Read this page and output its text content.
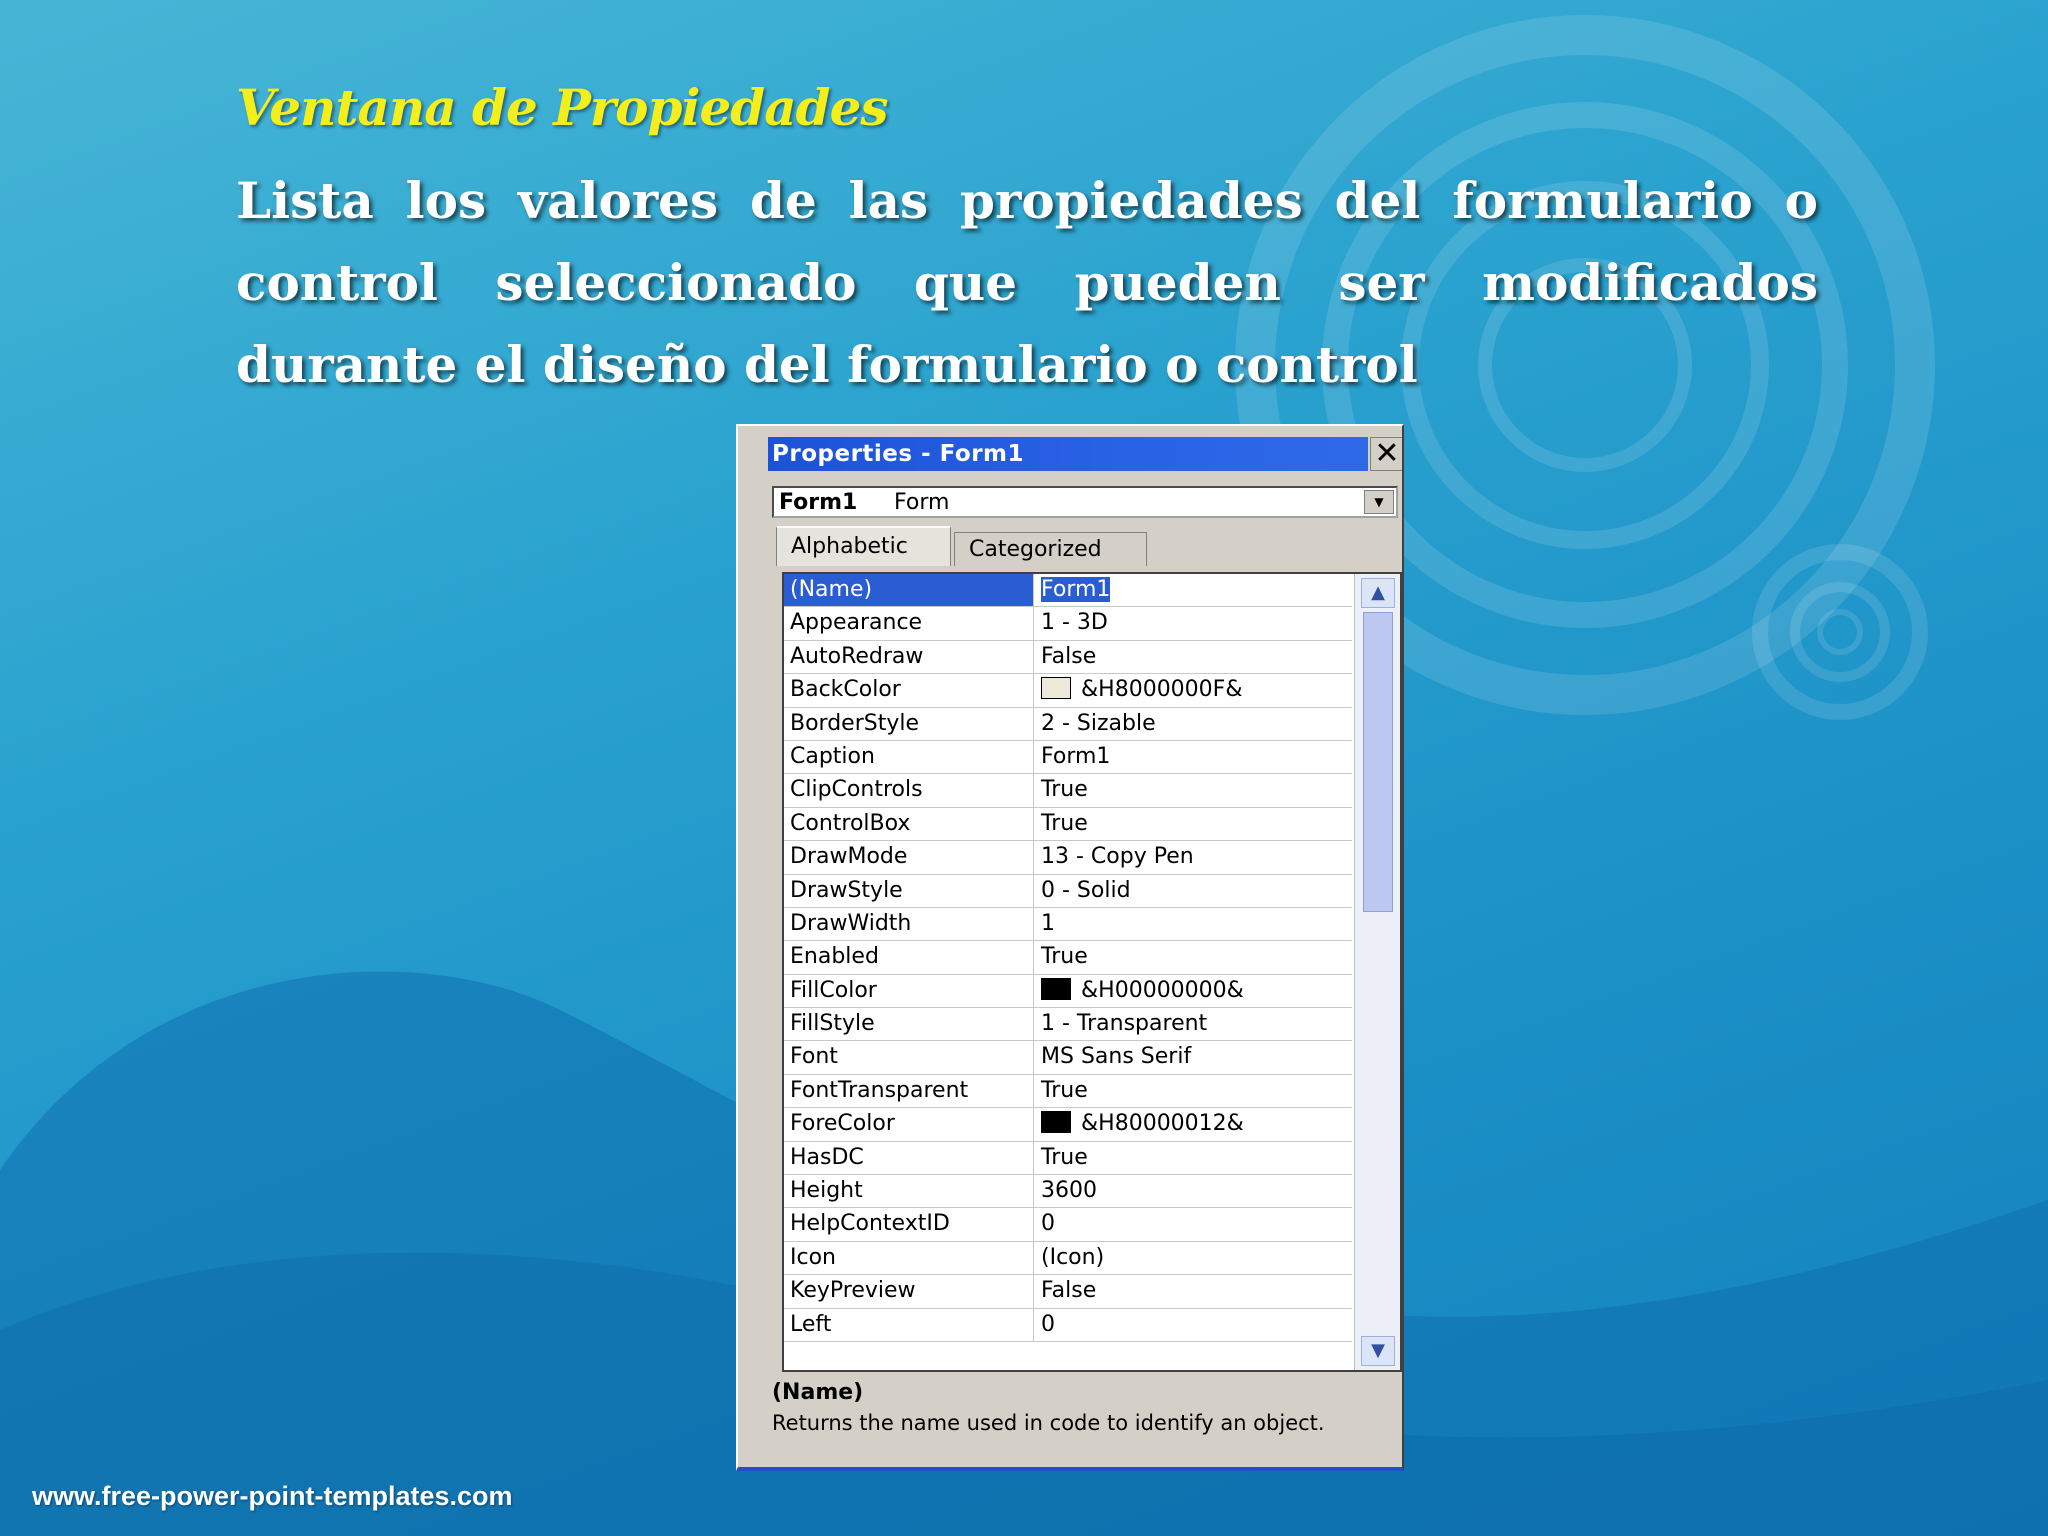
Ventana de Propiedades

Lista los valores de las propiedades del formulario o control seleccionado que pueden ser modificados durante el diseño del formulario o control

Properties - Form1	✕
Form1 Form	▼
Alphabetic	Categorized
(Name)	Form1
Appearance	1 - 3D
AutoRedraw	False
BackColor	&H8000000F&
BorderStyle	2 - Sizable
Caption	Form1
ClipControls	True
ControlBox	True
DrawMode	13 - Copy Pen
DrawStyle	0 - Solid
DrawWidth	1
Enabled	True
FillColor	&H00000000&
FillStyle	1 - Transparent
Font	MS Sans Serif
FontTransparent	True
ForeColor	&H80000012&
HasDC	True
Height	3600
HelpContextID	0
Icon	(Icon)
KeyPreview	False
Left	0
▲
▼
(Name)
Returns the name used in code to identify an object.
www.free-power-point-templates.com
